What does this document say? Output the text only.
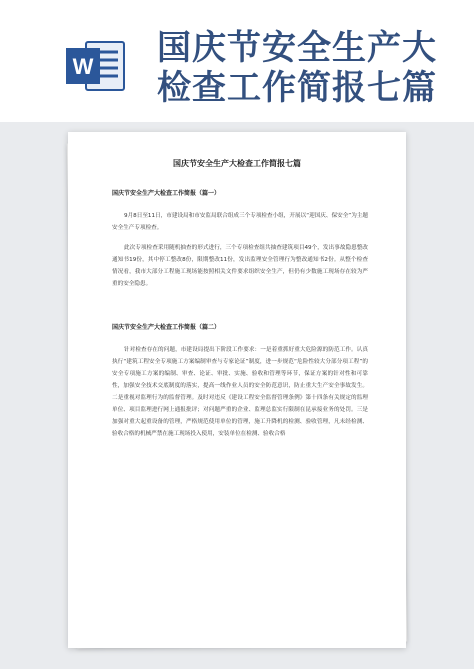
W 国庆节安全生产大
检查工作简报七篇
国庆节安全生产大检查工作简报七篇
国庆节安全生产大检查工作简报（篇一）
9月8日至11日，市建设局和市安监局联合组成三个专项检查小组，开展以“迎国庆、保安全”为主题安全生产专项检查。
此次专项检查采用随机抽查的形式进行，三个专项检查组共抽查建筑项目49个，发出事故隐患整改通知书19份，其中停工整改8份，限期整改11份，发出监理安全管理行为整改通知书2份。从整个检查情况看，我市大部分工程施工现场能按照相关文件要求组织安全生产，但仍有少数施工现场存在较为严重的安全隐患。
国庆节安全生产大检查工作简报（篇二）
针对检查存在的问题，市建设局提出下阶段工作要求：一是着重抓好重大危险源的防范工作。认真执行“建筑工程安全专项施工方案编制审查与专家论证”制度，进一步规范“危险性较大分部分项工程”的安全专项施工方案的编制、审查、论证、审批、实施、验收和管理等环节，保证方案的针对性和可靠性，加强安全技术交底制度的落实，提高一线作业人员的安全防范意识，防止重大生产安全事故发生。二是重视对监理行为的监督管理。及时对违反《建设工程安全监督管理条例》第十四条有关规定的监理单位、项目监理进行网上通报批评；对问题严重的企业、监理总监实行限制在昆承接业务的处罚。三是加强对重大起重设备的管理，严格规范使用单位的管理，施工升降机的检测、验收管理，凡未经检测、验收合格的机械严禁在施工现场投入使用，安装单位在检测、验收合格
